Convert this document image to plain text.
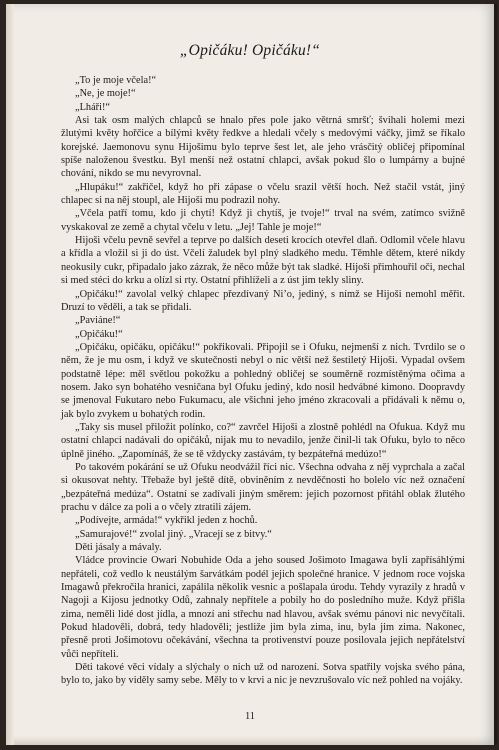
„Opičáku! Opičáku!“

„To je moje včela!“

„Ne, je moje!“

„Lháři!“

Asi tak osm malých chlapců se hnalo přes pole jako větrná smršť; švihali holemi mezi žlutými květy hořčice a bílými květy ředkve a hledali včely s medovými váčky, jimž se říkalo korejské. Jaemonovu synu Hijošimu bylo teprve šest let, ale jeho vrásčitý obličej připomínal spíše naloženou švestku. Byl menší než ostatní chlapci, avšak pokud šlo o lumpárny a bujné chování, nikdo se mu nevyrovnal.

„Hlupáku!“ zakřičel, když ho při zápase o včelu srazil větší hoch. Než stačil vstát, jiný chlapec si na něj stoupl, ale Hijoši mu podrazil nohy.

„Včela patří tomu, kdo ji chytí! Když ji chytíš, je tvoje!“ trval na svém, zatímco svižně vyskakoval ze země a chytal včelu v letu. „Jej! Tahle je moje!“

Hijoši včelu pevně sevřel a teprve po dalších deseti krocích otevřel dlaň. Odlomil včele hlavu a křídla a vložil si ji do úst. Včelí žaludek byl plný sladkého medu. Těmhle dětem, které nikdy neokusily cukr, připadalo jako zázrak, že něco může být tak sladké. Hijoši přimhouřil oči, nechal si med stéci do krku a olízl si rty. Ostatní přihlíželi a z úst jim tekly sliny.

„Opičáku!“ zavolal velký chlapec přezdívaný Ni’o, jediný, s nímž se Hijoši nemohl měřit. Druzí to věděli, a tak se přidali.

„Paviáne!“

„Opičáku!“

„Opičáku, opičáku, opičáku!“ pokřikovali. Připojil se i Ofuku, nejmenší z nich. Tvrdilo se o něm, že je mu osm, i když ve skutečnosti nebyl o nic větší než šestiletý Hijoši. Vypadal ovšem podstatně lépe: měl světlou pokožku a pohledný obličej se souměrně rozmístěnýma očima a nosem. Jako syn bohatého vesničana byl Ofuku jediný, kdo nosil hedvábné kimono. Doopravdy se jmenoval Fukutaro nebo Fukumacu, ale všichni jeho jméno zkracovali a přidávali k němu o, jak bylo zvykem u bohatých rodin.

„Taky sis musel přiložit polínko, co?“ zavrčel Hijoši a zlostně pohlédl na Ofukua. Když mu ostatní chlapci nadávali do opičáků, nijak mu to nevadilo, jenže činil-li tak Ofuku, bylo to něco úplně jiného. „Zapomínáš, že se tě vždycky zastávám, ty bezpáteřná medúzo!“

Po takovém pokárání se už Ofuku neodvážil říci nic. Všechna odvaha z něj vyprchala a začal si okusovat nehty. Třebaže byl ještě dítě, obviněním z nevděčnosti ho bolelo víc než označení „bezpáteřná medúza“. Ostatní se zadívali jiným směrem: jejich pozornost přitáhl oblak žlutého prachu v dálce za poli a o včely ztratili zájem.

„Podívejte, armáda!“ vykřikl jeden z hochů.

„Samurajové!“ zvolal jiný. „Vracejí se z bitvy.“

Děti jásaly a mávaly.

Vládce provincie Owari Nobuhide Oda a jeho soused Jošimoto Imagawa byli zapřísáhlými nepřáteli, což vedlo k neustálým šarvátkám podél jejich společné hranice. V jednom roce vojska Imagawů překročila hranici, zapálila několik vesnic a pošlapala úrodu. Tehdy vyrazily z hradů v Nagoji a Kijosu jednotky Odů, zahnaly nepřítele a pobily ho do posledního muže. Když přišla zima, neměli lidé dost jídla, a mnozí ani střechu nad hlavou, avšak svému pánovi nic nevyčítali. Pokud hladověli, dobrá, tedy hladověli; jestliže jim byla zima, inu, byla jim zima. Nakonec, přesně proti Jošimotovu očekávání, všechna ta protivenství pouze posilovala jejich nepřátelství vůči nepříteli.

Děti takové věci vídaly a slýchaly o nich už od narození. Sotva spatřily vojska svého pána, bylo to, jako by viděly samy sebe. Měly to v krvi a nic je nevzrušovalo víc než pohled na vojáky.

11
